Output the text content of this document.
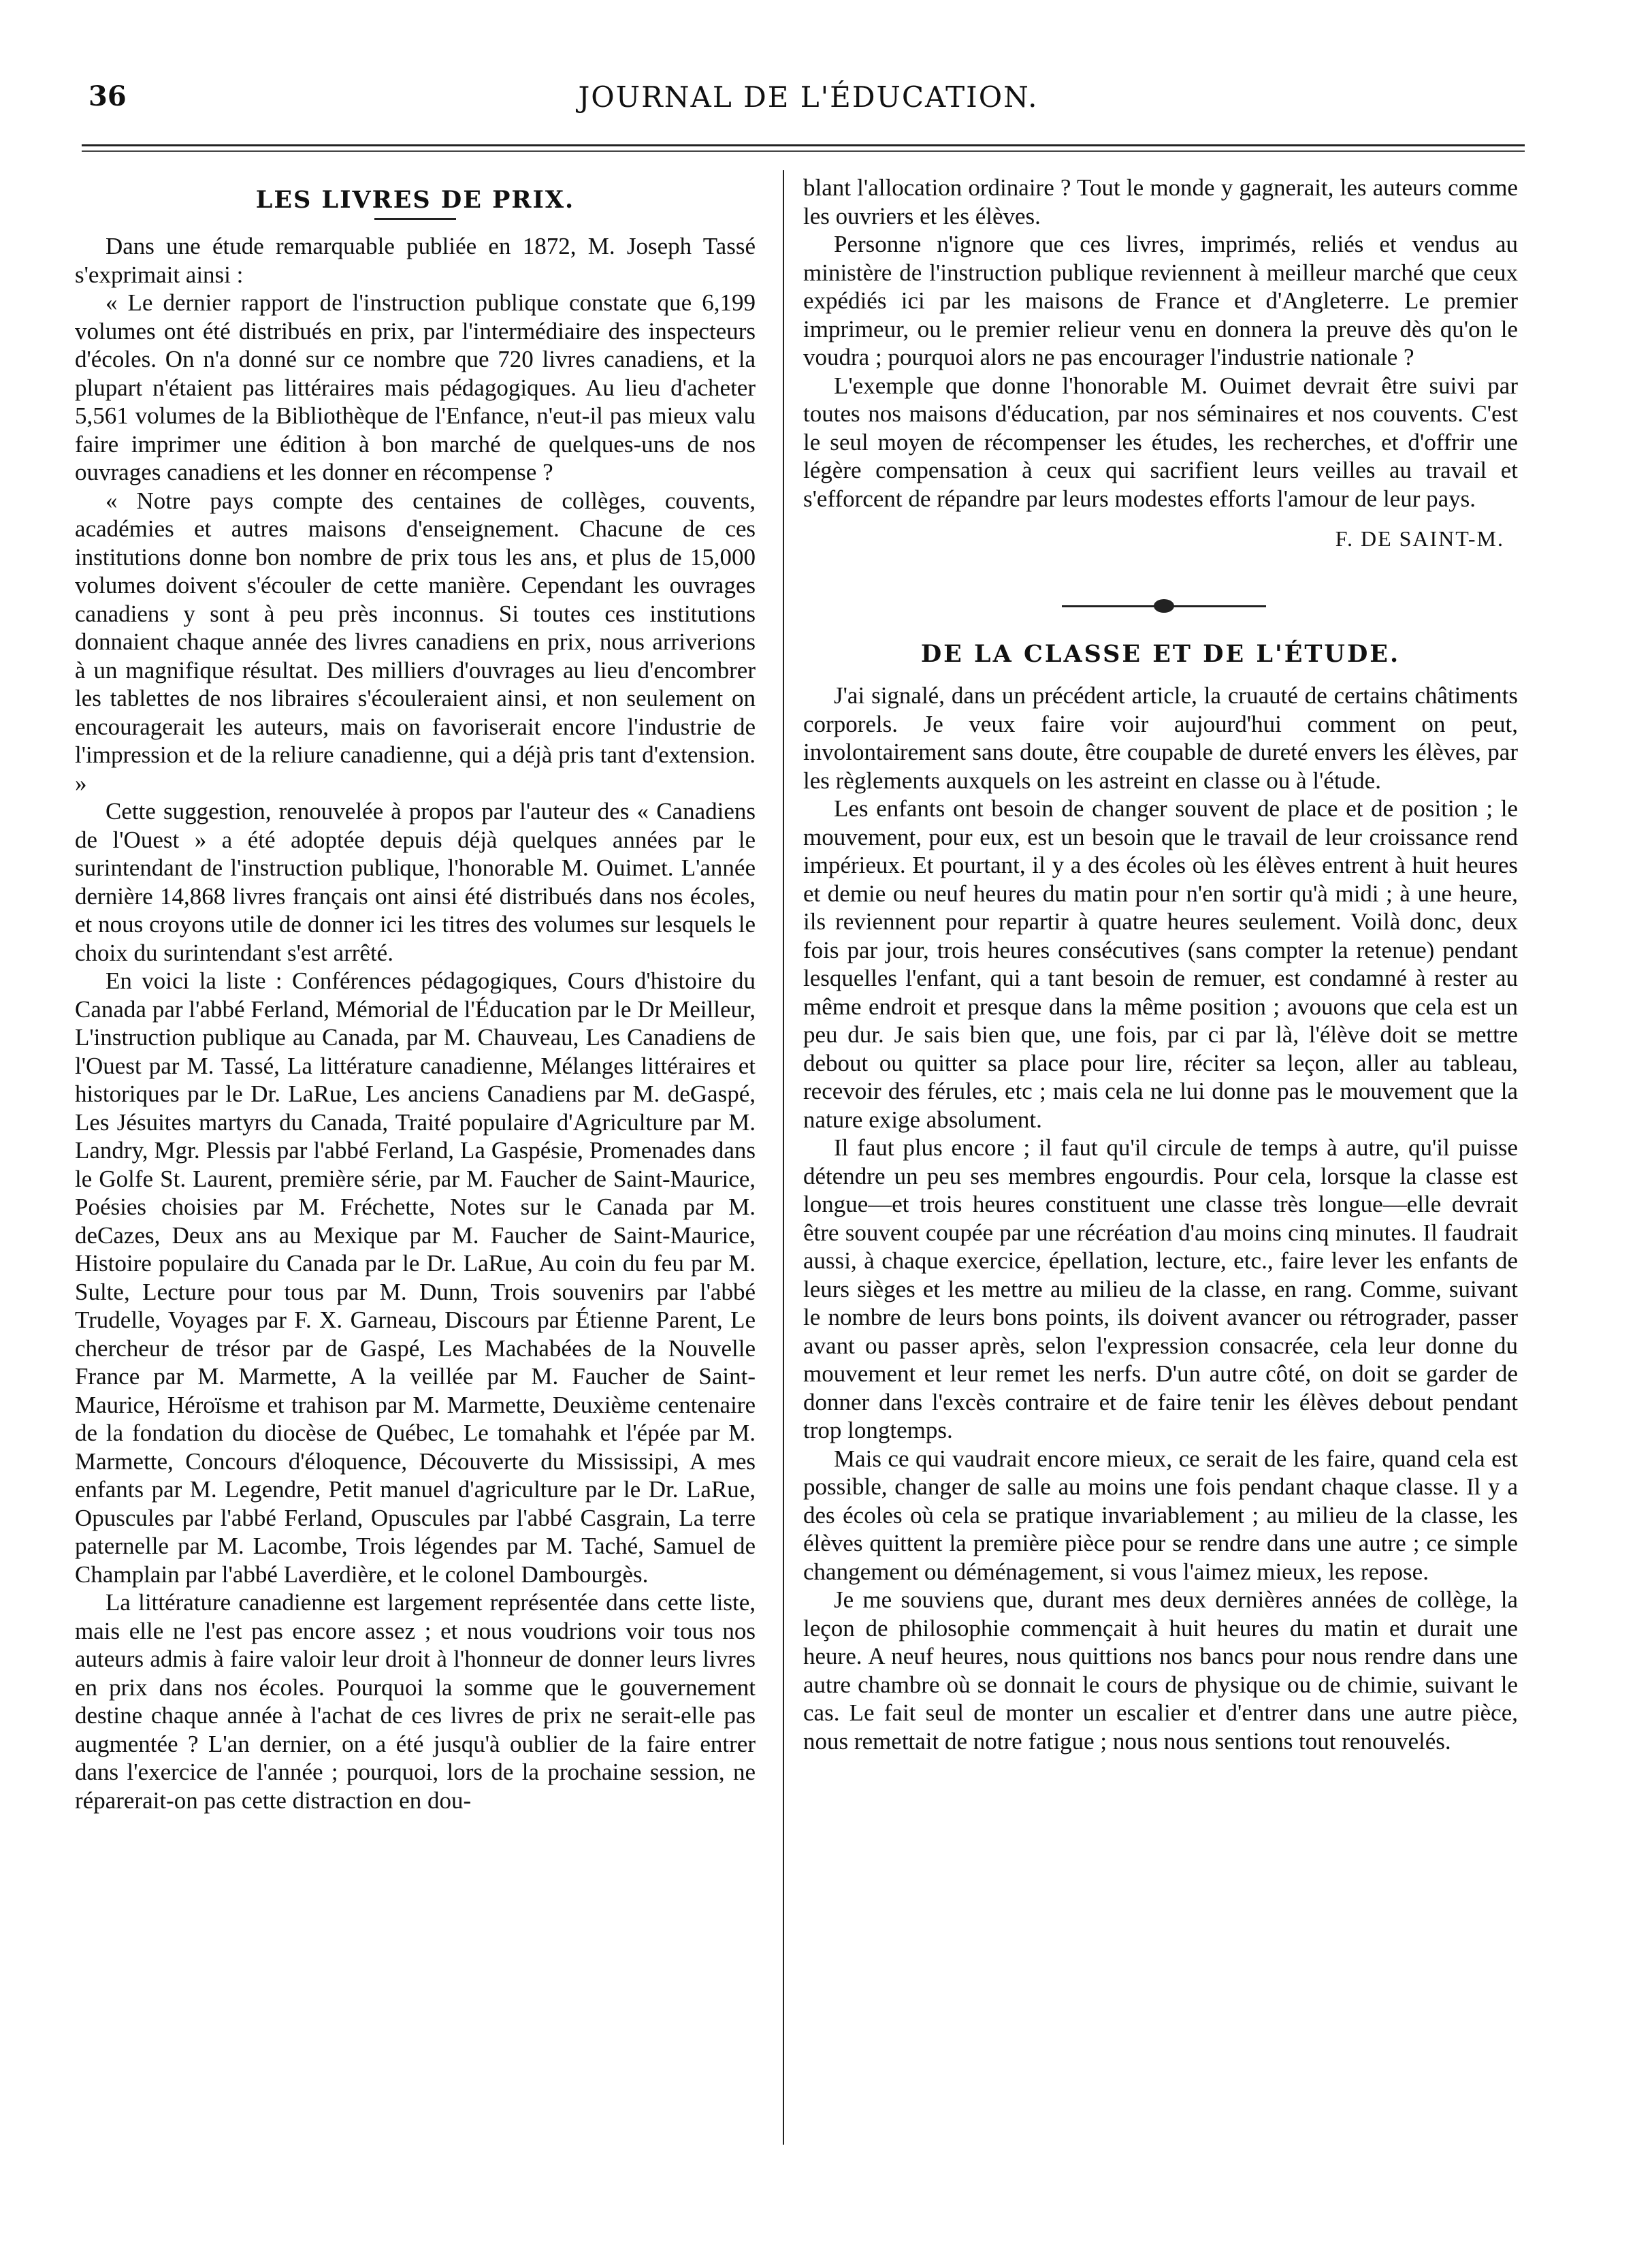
36	JOURNAL DE L'ÉDUCATION.
LES LIVRES DE PRIX.

Dans une étude remarquable publiée en 1872, M. Joseph Tassé s'exprimait ainsi :

« Le dernier rapport de l'instruction publique constate que 6,199 volumes ont été distribués en prix, par l'intermédiaire des inspecteurs d'écoles. On n'a donné sur ce nombre que 720 livres canadiens, et la plupart n'étaient pas littéraires mais pédagogiques. Au lieu d'acheter 5,561 volumes de la Bibliothèque de l'Enfance, n'eut-il pas mieux valu faire imprimer une édition à bon marché de quelques-uns de nos ouvrages canadiens et les donner en récompense ?

« Notre pays compte des centaines de collèges, couvents, académies et autres maisons d'enseignement. Chacune de ces institutions donne bon nombre de prix tous les ans, et plus de 15,000 volumes doivent s'écouler de cette manière. Cependant les ouvrages canadiens y sont à peu près inconnus. Si toutes ces institutions donnaient chaque année des livres canadiens en prix, nous arriverions à un magnifique résultat. Des milliers d'ouvrages au lieu d'encombrer les tablettes de nos libraires s'écouleraient ainsi, et non seulement on encouragerait les auteurs, mais on favoriserait encore l'industrie de l'impression et de la reliure canadienne, qui a déjà pris tant d'extension. »

Cette suggestion, renouvelée à propos par l'auteur des « Canadiens de l'Ouest » a été adoptée depuis déjà quelques années par le surintendant de l'instruction publique, l'honorable M. Ouimet. L'année dernière 14,868 livres français ont ainsi été distribués dans nos écoles, et nous croyons utile de donner ici les titres des volumes sur lesquels le choix du surintendant s'est arrêté.

En voici la liste : Conférences pédagogiques, Cours d'histoire du Canada par l'abbé Ferland, Mémorial de l'Éducation par le Dr Meilleur, L'instruction publique au Canada, par M. Chauveau, Les Canadiens de l'Ouest par M. Tassé, La littérature canadienne, Mélanges littéraires et historiques par le Dr. LaRue, Les anciens Canadiens par M. deGaspé, Les Jésuites martyrs du Canada, Traité populaire d'Agriculture par M. Landry, Mgr. Plessis par l'abbé Ferland, La Gaspésie, Promenades dans le Golfe St. Laurent, première série, par M. Faucher de Saint-Maurice, Poésies choisies par M. Fréchette, Notes sur le Canada par M. deCazes, Deux ans au Mexique par M. Faucher de Saint-Maurice, Histoire populaire du Canada par le Dr. LaRue, Au coin du feu par M. Sulte, Lecture pour tous par M. Dunn, Trois souvenirs par l'abbé Trudelle, Voyages par F. X. Garneau, Discours par Étienne Parent, Le chercheur de trésor par de Gaspé, Les Machabées de la Nouvelle France par M. Marmette, A la veillée par M. Faucher de Saint-Maurice, Héroïsme et trahison par M. Marmette, Deuxième centenaire de la fondation du diocèse de Québec, Le tomahahk et l'épée par M. Marmette, Concours d'éloquence, Découverte du Mississipi, A mes enfants par M. Legendre, Petit manuel d'agriculture par le Dr. LaRue, Opuscules par l'abbé Ferland, Opuscules par l'abbé Casgrain, La terre paternelle par M. Lacombe, Trois légendes par M. Taché, Samuel de Champlain par l'abbé Laverdière, et le colonel Dambourgès.

La littérature canadienne est largement représentée dans cette liste, mais elle ne l'est pas encore assez ; et nous voudrions voir tous nos auteurs admis à faire valoir leur droit à l'honneur de donner leurs livres en prix dans nos écoles. Pourquoi la somme que le gouvernement destine chaque année à l'achat de ces livres de prix ne serait-elle pas augmentée ? L'an dernier, on a été jusqu'à oublier de la faire entrer dans l'exercice de l'année ; pourquoi, lors de la prochaine session, ne réparerait-on pas cette distraction en dou-

blant l'allocation ordinaire ? Tout le monde y gagnerait, les auteurs comme les ouvriers et les élèves.

Personne n'ignore que ces livres, imprimés, reliés et vendus au ministère de l'instruction publique reviennent à meilleur marché que ceux expédiés ici par les maisons de France et d'Angleterre. Le premier imprimeur, ou le premier relieur venu en donnera la preuve dès qu'on le voudra ; pourquoi alors ne pas encourager l'industrie nationale ?

L'exemple que donne l'honorable M. Ouimet devrait être suivi par toutes nos maisons d'éducation, par nos séminaires et nos couvents. C'est le seul moyen de récompenser les études, les recherches, et d'offrir une légère compensation à ceux qui sacrifient leurs veilles au travail et s'efforcent de répandre par leurs modestes efforts l'amour de leur pays.

F. DE SAINT-M.
DE LA CLASSE ET DE L'ÉTUDE.

J'ai signalé, dans un précédent article, la cruauté de certains châtiments corporels. Je veux faire voir aujourd'hui comment on peut, involontairement sans doute, être coupable de dureté envers les élèves, par les règlements auxquels on les astreint en classe ou à l'étude.

Les enfants ont besoin de changer souvent de place et de position ; le mouvement, pour eux, est un besoin que le travail de leur croissance rend impérieux. Et pourtant, il y a des écoles où les élèves entrent à huit heures et demie ou neuf heures du matin pour n'en sortir qu'à midi ; à une heure, ils reviennent pour repartir à quatre heures seulement. Voilà donc, deux fois par jour, trois heures consécutives (sans compter la retenue) pendant lesquelles l'enfant, qui a tant besoin de remuer, est condamné à rester au même endroit et presque dans la même position ; avouons que cela est un peu dur. Je sais bien que, une fois, par ci par là, l'élève doit se mettre debout ou quitter sa place pour lire, réciter sa leçon, aller au tableau, recevoir des férules, etc ; mais cela ne lui donne pas le mouvement que la nature exige absolument.

Il faut plus encore ; il faut qu'il circule de temps à autre, qu'il puisse détendre un peu ses membres engourdis. Pour cela, lorsque la classe est longue—et trois heures constituent une classe très longue—elle devrait être souvent coupée par une récréation d'au moins cinq minutes. Il faudrait aussi, à chaque exercice, épellation, lecture, etc., faire lever les enfants de leurs sièges et les mettre au milieu de la classe, en rang. Comme, suivant le nombre de leurs bons points, ils doivent avancer ou rétrograder, passer avant ou passer après, selon l'expression consacrée, cela leur donne du mouvement et leur remet les nerfs. D'un autre côté, on doit se garder de donner dans l'excès contraire et de faire tenir les élèves debout pendant trop longtemps.

Mais ce qui vaudrait encore mieux, ce serait de les faire, quand cela est possible, changer de salle au moins une fois pendant chaque classe. Il y a des écoles où cela se pratique invariablement ; au milieu de la classe, les élèves quittent la première pièce pour se rendre dans une autre ; ce simple changement ou déménagement, si vous l'aimez mieux, les repose.

Je me souviens que, durant mes deux dernières années de collège, la leçon de philosophie commençait à huit heures du matin et durait une heure. A neuf heures, nous quittions nos bancs pour nous rendre dans une autre chambre où se donnait le cours de physique ou de chimie, suivant le cas. Le fait seul de monter un escalier et d'entrer dans une autre pièce, nous remettait de notre fatigue ; nous nous sentions tout renouvelés.
